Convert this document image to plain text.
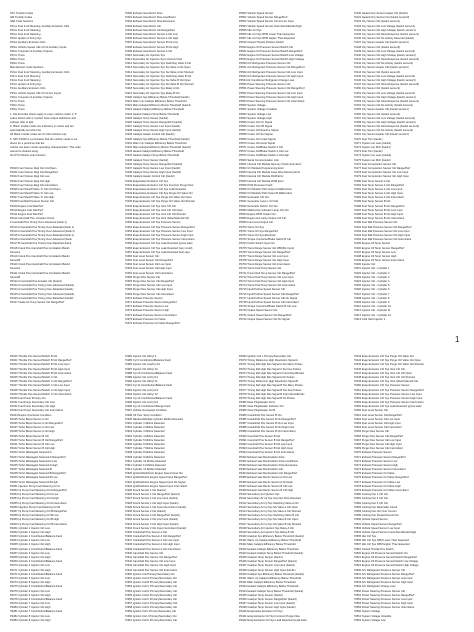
STC Trouble Codes
GM Trouble Codes
SAE Code Sections
P0xxx Fuel & Air Metering, Auxiliary Emission Ctrls
P01xx Fuel & Air Metering
P02xx Fuel & Air Metering
P03xx Ignition & Firing Sys
P04xx Auxiliary Emission Ctrls
P05xx Vehicle Speed, Idle Ctrl & Auxiliary Inputs
P06xx Computer & Auxiliary Outputs
P07xx Trans
P08xx Trans
P09xx Trans
Manufacturer Code Sections
P10xx Fuel & Air Metering, Auxiliary Emission Ctrls
P11xx Fuel & Air Metering
P12xx Fuel & Air Metering
P13xx Ignition & Firing Sys
P14xx Auxiliary Emission Ctrls
P15xx Vehicle Speed, Idle Ctrl & Aux Inputs
P16xx Computer & Auxiliary Outputs
P17xx Trans
P18xx Trans
P19xx Trans
1. Not all codes shown apply to every vehicle model. 2. P
codes shown with a 'symbol' have unique definitions and
indicate refer to lgth.
3. 'Bank' trouble codes are indicatory in nature and are
automatically set when the
All 'Bank' trouble codes are for GM vehicles only.
5. SPC P1000 is a procedure that the vehicle needs to be
driven for a period so that the
vehicle can learn certain operating characteristics. This code
cannot be cleared using
the DTC Monitor scan function.
P0100 Fuel Volume Regl Ckt Circ/Open
P0101 Fuel Volume Regl Ckt Range/Perf
P0102 Fuel Volume Regl Ckt Low
P0103 Fuel Volume Regl Ckt High
P0104 Fuel Volume Regl Ckt Intermittent
P0105 Fuel Shutoff Valve 'A' Ckt Circ/Open
P0106 Fuel Shutoff Valve 'A' Ckt Low
P0107 Fuel Shutoff Valve 'A' Ckt High
P0108 Fuel Rail Pressure Sensor Ckt
P0109 Engine Fuel Rail Perf
P0110 Engine Fuel Rail Perf
P0111 Engine Fuel Rail Perf
P0112 Camshaft Pos. Actuator Circuit
A Camshaft Pos Timing Over-Advanced (bank 1)
P0113 A Camshaft Pos Timing Over-Retarded (bank 1)
P0114 A Camshaft Pos Timing Over-Advanced (bank 2)
P0115 A Camshaft Pos Timing Over-Retarded (bank 2)
P0116 A Camshaft Pos Timing Over-Advanced (bank
P0117 B Camshaft Pos Timing Over-Retarded (bank
P0118 Crank Pos-Camshaft Pos Correlation Bank1
SensorA
P0119 Crank Pos-Camshaft Pos Correlation Bank1
SensorB
P0120 Crank Pos-Camshaft Pos Correlation Bank2
SensorA
P0121 Crank Pos-Camshaft Pos Correlation Bank2
SensorB
P0122 A Camshaft Pos Actuator Ckt (bank1)
P0123 A Camshaft Pos Timing Over-Advanced (bank1)
P0124 A Camshaft Pos Timing Over-Retarded (bank1)
P0125 A Camshaft Pos Timing Over-Advanced (bank2)
P0126 A Camshaft Pos Timing Over-Retarded (bank2)
P0127 Intake Air Temp Sensor Ckt Range/Perf
P0400 Exhaust Gas Recirc Flow
P0401 Exhaust Gas Recirc Flow Insufficient
P0402 Exhaust Gas Recirc Flow Excessive
P0403 Exhaust Gas Recirc Ckt
P0404 Exhaust Gas Recirc Ckt Range/Perf
P0405 Exhaust Gas Recirc Sensor A Ckt Low
P0406 Exhaust Gas Recirc Sensor A Ckt High
P0407 Exhaust Gas Recirc Sensor B Ckt Low
P0408 Exhaust Gas Recirc Sensor B Ckt High
P0409 Exhaust Gas Recirc Sensor A Ckt
P0410 Secondary Air Injection Sys
P0411 Secondary Air Injection Sys Incorrect Flow
P0412 Secondary Air Injection Sys Switching Valve A Ckt
P0413 Secondary Air Injection Sys Sw Valve A Ckt Open
P0414 Secondary Air Injection Sys Sw Valve A Ckt Shorted
P0415 Secondary Air Injection Sys Switching Valve B Ckt
P0416 Secondary Air Injection Sys Sw Valve B Ckt Open
P0417 Secondary Air Injection Sys Sw Valve B Ckt Shorted
P0418 Secondary Air Injection Sys Relay A Ckt
P0419 Secondary Air Injection Sys Relay B Ckt
P0420 Catalyst Sys Efficiency Below Threshold (bank1)
P0421 Warm Up Catalyst Efficiency Below Threshold
P0422 Main Catalyst Efficiency Below Threshold (bank1)
P0423 Heated Catalyst Efficiency Below Threshold
P0424 Heated Catalyst Temp Below Threshold
P0425 Catalyst Temp Sensor (bank1)
P0426 Catalyst Temp Sensor Range/Perf (bank1)
P0427 Catalyst Temp Sensor Low Input (bank1)
P0428 Catalyst Temp Sensor High Input (bank1)
P0429 Catalyst Heater Control Ckt (bank1)
P0430 Catalyst Sys Efficiency Below Threshold (bank2)
P0431 Warm Up Catalyst Efficiency Below Threshold
P0432 Main Catalyst Efficiency Below Threshold (bank2)
P0433 Heated Catalyst Efficiency Below Threshold
P0434 Heated Catalyst Temp Below Threshold
P0435 Catalyst Temp Sensor (bank2)
P0436 Catalyst Temp Sensor Range/Perf (bank2)
P0437 Catalyst Temp Sensor Low Input (bank2)
P0438 Catalyst Temp Sensor High Input (bank2)
P0439 Catalyst Heater Control Ckt (bank2)
P0440 Evaporative Emission Ctrl Sys
P0441 Evaporative Emission Ctrl Sys Incorrect Purge Flow
P0442 Evaporative Emission Ctrl Sys Leak Detected
P0443 Evaporative Emission Ctrl Sys Purge Ctrl Valve Ckt
P0444 Evap Emission Ctrl Sys Purge Ctrl Valve Ckt Open
P0445 Evap Emission Ctrl Sys Purge Ctrl Valve Ckt Shorted
P0446 Evap Emission Ctrl Sys Vent Ctrl Ckt
P0447 Evap Emission Ctrl Sys Vent Ctrl Ckt Open
P0448 Evap Emission Ctrl Sys Vent Ctrl Ckt Shorted
P0449 Evap Emission Ctrl Sys Vent Valve/Solenoid Ckt
P0450 Evap Emission Ctrl Sys Pressure Sensor
P0451 Evap Emission Ctrl Sys Pressure Sensor Range/Perf
P0452 Evap Emission Ctrl Sys Pressure Sensor Low Input
P0453 Evap Emission Ctrl Sys Pressure Sensor High Input
P0454 Evap Emission Ctrl Sys Pressure Sensor Intermittent
P0455 Evap Emission Ctrl Sys Leak Detected (gross leak)
P0456 Evap Emission Ctrl Sys Leak Detected (very small)
P0457 Evap Emission Ctrl Sys Leak Detected (fuel cap)
P0460 Fuel Level Sensor Ckt
P0461 Fuel Level Sensor Ckt Range/Perf
P0462 Fuel Level Sensor Ckt Low Input
P0463 Fuel Level Sensor Ckt High Input
P0464 Fuel Level Sensor Ckt Intermittent
P0465 Purge Flow Sensor Ckt
P0466 Purge Flow Sensor Ckt Range/Perf
P0467 Purge Flow Sensor Ckt Low Input
P0468 Purge Flow Sensor Ckt High Input
P0469 Purge Flow Sensor Ckt Intermittent
P0470 Exhaust Pressure Sensor
P0471 Exhaust Pressure Sensor Range/Perf
P0472 Exhaust Pressure Sensor Low
P0473 Exhaust Pressure Sensor High
P0474 Exhaust Pressure Sensor Intermittent
P0475 Exhaust Pressure Ctrl Valve
P0476 Exhaust Pressure Ctrl Valve Range/Perf
P0500 Vehicle Speed Sensor
P0501 Vehicle Speed Sensor Range/Perf
P0502 Vehicle Speed Sensor Circuit Low Input
P0503 Vehicle Speed Sensor Intermittent/Erratic/High
P0505 Idle Ctrl Sys
P0506 Idle Ctrl Sys RPM Lower Than Expected
P0507 Idle Ctrl Sys RPM Higher Than Expected
P0510 Closed Throttle Position Switch
P0520 Engine Oil Pressure Sensor/Switch Ckt
P0521 Engine Oil Pressure Sensor/Switch Range/Perf
P0522 Engine Oil Pressure Sensor/Switch Low Voltage
P0523 Engine Oil Pressure Sensor/Switch High Voltage
P0530 A/C Refrigerant Pressure Sensor Ckt
P0531 A/C Refrigerant Pressure Sensor Ckt Range/Perf
P0532 A/C Refrigerant Pressure Sensor Ckt Low Input
P0533 A/C Refrigerant Pressure Sensor Ckt High Input
P0534 Air Conditioner Refrigerant Charge Loss
P0550 Power Steering Pressure Sensor Ckt
P0551 Power Steering Pressure Sensor Ckt Range/Perf
P0552 Power Steering Pressure Sensor Ckt Low Input
P0553 Power Steering Pressure Sensor Ckt High Input
P0554 Power Steering Pressure Sensor Ckt Intermittent
P0560 System Voltage
P0561 System Voltage Unstable
P0562 System Voltage Low
P0563 System Voltage High
P0565 Cruise Ctrl On Signal
P0566 Cruise Ctrl Off Signal
P0567 Cruise Ctrl Resume Signal
P0568 Cruise Ctrl Set Signal
P0569 Cruise Ctrl Coast Signal
P0570 Cruise Ctrl Accel Signal
P0571 Cruise Ctrl/Brake Switch A Ckt
P0572 Cruise Ctrl/Brake Switch A Ckt Low
P0573 Cruise Ctrl/Brake Switch A Ckt High
P0600 Serial Communication Link
P0601 Internal Ctrl Module Memory Check Sum Error
P0602 Ctrl Module Programming Error
P0603 Internal Ctrl Module Keep Alive Memory Error
P0604 Internal Ctrl Module RAM Error
P0605 Internal Ctrl Module ROM Error
P0606 PCM Processor Fault
P0608 Ctrl Module VSS Output A Malfunction
P0609 Ctrl Module VSS Output B Malfunction
P0620 Generator Ctrl Ckt
P0621 Generator Lamp L Ctrl Ckt
P0622 Generator Field F Ctrl Ckt
P0650 Malfunction Indicator Lamp Ctrl Ckt
P0654 Engine RPM Output Ckt
P0655 Engine Hot Lamp Output Ctrl Ckt
P0656 Fuel Level Output Ckt
P0700 Trans Ctrl Sys
P0701 Trans Ctrl Sys Range/Perf
P0702 Trans Ctrl Sys Electrical
P0703 Torque Converter/Brake Switch B Ckt
P0704 Clutch Switch Input Ckt
P0705 Trans Range Sensor Ckt (PRNDL Input)
P0706 Trans Range Sensor Ckt Range/Perf
P0707 Trans Range Sensor Ckt Low Input
P0708 Trans Range Sensor Ckt High Input
P0709 Trans Range Sensor Ckt Intermittent
P0710 Trans Fluid Temp Sensor Ckt
P0711 Trans Fluid Temp Sensor Ckt Range/Perf
P0712 Trans Fluid Temp Sensor Ckt Low Input
P0713 Trans Fluid Temp Sensor Ckt High Input
P0714 Trans Fluid Temp Sensor Ckt Intermittent
P0715 Input/Turbine Speed Sensor Ckt
P0716 Input/Turbine Speed Sensor Ckt Range/Perf
P0717 Input/Turbine Speed Sensor Ckt No Signal
P0718 Input/Turbine Speed Sensor Ckt Intermittent
P0719 Torque Converter/Brake Switch B Ckt Low
P0720 Output Speed Sensor Ckt
P0721 Output Speed Sensor Ckt Range/Perf
P0722 Output Speed Sensor Ckt No Signal
P0130 Heated Oxy Sensor Heater Ckt (bank2)
P0131 Heated Oxy Sensor Ckt (bank2 sensor3)
P0132 Oxy Sensor Ckt (bank1 sensor1)
P0133 Oxy Sensor Ckt Low Voltage (bank1 sensor1)
P0134 Oxy Sensor Ckt High Voltage (bank1 sensor1)
P0135 Oxy Sensor Ckt Slow Response (bank1 sensor1)
P0136 Oxy Sensor Ckt No Activity Detected (bank1)
P0137 Oxy Sensor Heater Ckt (bank1 sensor1)
P0138 Oxy Sensor Ckt (bank1 sensor2)
P0139 Oxy Sensor Ckt Low Voltage (bank1 sensor2)
P0140 Oxy Sensor Ckt High Voltage (bank1 sensor2)
P0141 Oxy Sensor Ckt Slow Response (bank1 sensor2)
P0142 Oxy Sensor Ckt No Activity (bank1 sensor2)
P0143 Oxy Sensor Heater Ckt (bank1 sensor2)
P0144 Oxy Sensor Ckt (bank1 sensor3)
P0145 Oxy Sensor Ckt Low Voltage (bank1 sensor3)
P0146 Oxy Sensor Ckt High Voltage (bank1 sensor3)
P0147 Oxy Sensor Ckt Slow Response (bank1 sensor3)
P0150 Oxy Sensor Ckt (bank2 sensor1)
P0151 Oxy Sensor Ckt Low Voltage (bank2 sensor1)
P0152 Oxy Sensor Ckt High Voltage (bank2 sensor1)
P0153 Oxy Sensor Ckt Slow Response (bank2 sensor1)
P0154 Oxy Sensor Ckt No Activity (bank2 sensor1)
P0155 Oxy Sensor Heater Ckt (bank2 sensor1)
P0156 Oxy Sensor Ckt (bank2 sensor2)
P0157 Oxy Sensor Ckt Low Voltage (bank2 sensor2)
P0158 Oxy Sensor Ckt High Voltage (bank2 sensor2)
P0159 Oxy Sensor Ckt Slow Response (bank2 sensor2)
P0160 Oxy Sensor Ckt No Activity (bank2 sensor2)
P0161 Oxy Sensor Heater Ckt (bank2 sensor2)
P0170 Fuel Trim (bank1)
P0171 System too Lean (bank1)
P0172 System too Rich (bank1)
P0173 Fuel Trim (bank2)
P0174 System too Lean (bank2)
P0175 System too Rich (bank2)
P0176 Fuel Composition Sensor Ckt
P0177 Fuel Composition Sensor Ckt Range/Perf
P0178 Fuel Composition Sensor Ckt Low Input
P0179 Fuel Composition Sensor Ckt High Input
P0180 Fuel Temp Sensor A Ckt
P0181 Fuel Temp Sensor A Ckt Range/Perf
P0182 Fuel Temp Sensor A Ckt Low Input
P0183 Fuel Temp Sensor A Ckt High Input
P0184 Fuel Temp Sensor A Ckt Intermittent
P0185 Fuel Temp Sensor B Ckt
P0186 Fuel Temp Sensor B Ckt Range/Perf
P0187 Fuel Temp Sensor B Ckt Low Input
P0188 Fuel Temp Sensor B Ckt High Input
P0189 Fuel Temp Sensor B Ckt Intermittent
P0190 Fuel Rail Pressure Sensor Ckt
P0191 Fuel Rail Pressure Sensor Ckt Range/Perf
P0192 Fuel Rail Pressure Sensor Ckt Low Input
P0193 Fuel Rail Pressure Sensor Ckt High Input
P0194 Fuel Rail Pressure Sensor Ckt Intermittent
P0195 Engine Oil Temp Sensor
P0196 Engine Oil Temp Sensor Range/Perf
P0197 Engine Oil Temp Sensor Low
P0198 Engine Oil Temp Sensor High
P0199 Engine Oil Temp Sensor Intermittent
P0200 Injector Ckt
P0201 Injector Ckt - Cylinder 1
P0202 Injector Ckt - Cylinder 2
P0203 Injector Ckt - Cylinder 3
P0204 Injector Ckt - Cylinder 4
P0205 Injector Ckt - Cylinder 5
P0206 Injector Ckt - Cylinder 6
P0207 Injector Ckt - Cylinder 7
P0208 Injector Ckt - Cylinder 8
P0209 Injector Ckt - Cylinder 9
P0210 Injector Ckt - Cylinder 10
P0211 Injector Ckt - Cylinder 11
P0212 Injector Ckt - Cylinder 12
P0213 Cold Start Injector 1
1
P0220 Throttle Pos Sensor/Switch B Ckt
P0221 Throttle Pos Sensor/Switch B Ckt Range/Perf
P0222 Throttle Pos Sensor/Switch B Ckt Low Input
P0223 Throttle Pos Sensor/Switch B Ckt High Input
P0224 Throttle Pos Sensor/Switch B Ckt Intermittent
P0225 Throttle Pos Sensor/Switch C Ckt
P0226 Throttle Pos Sensor/Switch C Ckt Range/Perf
P0227 Throttle Pos Sensor/Switch C Ckt Low Input
P0228 Throttle Pos Sensor/Switch C Ckt High Input
P0229 Throttle Pos Sensor/Switch C Ckt Intermittent
P0230 Fuel Pump Primary Ckt
P0231 Fuel Pump Secondary Ckt Low
P0232 Fuel Pump Secondary Ckt High
P0233 Fuel Pump Secondary Ckt Intermittent
P0234 Engine Overboost Condition
P0235 Turbo Boost Sensor A Ckt
P0236 Turbo Boost Sensor A Ckt Range/Perf
P0237 Turbo Boost Sensor A Ckt Low
P0238 Turbo Boost Sensor A Ckt High
P0239 Turbo Boost Sensor B Ckt
P0240 Turbo Boost Sensor B Ckt Range/Perf
P0241 Turbo Boost Sensor B Ckt Low
P0242 Turbo Boost Sensor B Ckt High
P0243 Turbo Wastegate Solenoid A
P0244 Turbo Wastegate Solenoid A Range/Perf
P0245 Turbo Wastegate Solenoid A Low
P0246 Turbo Wastegate Solenoid A High
P0247 Turbo Wastegate Solenoid B
P0248 Turbo Wastegate Solenoid B Range/Perf
P0249 Turbo Wastegate Solenoid B Low
P0250 Turbo Wastegate Solenoid B High
P0251 Injection Pump Fuel Metering Ctrl A
P0252 Inj Pump Fuel Metering Ctrl A Range/Perf
P0253 Inj Pump Fuel Metering Ctrl A Low
P0254 Inj Pump Fuel Metering Ctrl A High
P0255 Inj Pump Fuel Metering Ctrl A Intermittent
P0256 Injection Pump Fuel Metering Ctrl B
P0257 Inj Pump Fuel Metering Ctrl B Range/Perf
P0258 Inj Pump Fuel Metering Ctrl B Low
P0259 Inj Pump Fuel Metering Ctrl B High
P0260 Inj Pump Fuel Metering Ctrl B Intermittent
P0261 Cylinder 1 Injector Ckt Low
P0262 Cylinder 1 Injector Ckt High
P0263 Cylinder 1 Contribution/Balance Fault
P0264 Cylinder 2 Injector Ckt Low
P0265 Cylinder 2 Injector Ckt High
P0266 Cylinder 2 Contribution/Balance Fault
P0267 Cylinder 3 Injector Ckt Low
P0268 Cylinder 3 Injector Ckt High
P0269 Cylinder 3 Contribution/Balance Fault
P0270 Cylinder 4 Injector Ckt Low
P0271 Cylinder 4 Injector Ckt High
P0272 Cylinder 4 Contribution/Balance Fault
P0273 Cylinder 5 Injector Ckt Low
P0274 Cylinder 5 Injector Ckt High
P0275 Cylinder 5 Contribution/Balance Fault
P0276 Cylinder 6 Injector Ckt Low
P0277 Cylinder 6 Injector Ckt High
P0278 Cylinder 6 Contribution/Balance Fault
P0279 Cylinder 7 Injector Ckt Low
P0280 Cylinder 7 Injector Ckt High
P0281 Cylinder 7 Contribution/Balance Fault
P0282 Cylinder 8 Injector Ckt Low
P0283 Cylinder 8 Injector Ckt High
P0284 Injector Ckt Hi/Cyl 9
P0285 Cyl 9 Contribution/Balance Fault
P0286 Injector Ckt Low/Cyl 10
P0287 Injector Ckt Hi/Cyl 10
P0288 Cyl 10 Contribution/Balance Fault
P0289 Injector Ckt Lo/Cyl 11
P0290 Injector Ckt Hi/Cyl 11
P0291 Cyl 11 Contribution/Balance Fault
P0292 Injector Ckt Lo/Cyl 12
P0293 Injector Ckt Hi/Cyl 12
P0294 Cyl 12 Contribution/Balance Fault
P0295 Injector Ckt Lo/Cyl 12
P0296 Cyl 12 Contribution/Range Fault
P0297 Vehicle Overspeed Condition
P0298 Oil Over Temp Condition
P0300 Random/Multiple Cylinder Misfire Detected
P0301 Cylinder 1 Misfire Detected
P0302 Cylinder 2 Misfire Detected
P0303 Cylinder 3 Misfire Detected
P0304 Cylinder 4 Misfire Detected
P0305 Cylinder 5 Misfire Detected
P0306 Cylinder 6 Misfire Detected
P0307 Cylinder 7 Misfire Detected
P0308 Cylinder 8 Misfire Detected
P0309 Cylinder 9 Misfire Detected
P0310 Cylinder 10 Misfire Detected
P0311 Cylinder 11 Misfire Detected
P0312 Cylinder 12 Misfire Detected
P0320 Ignition/Distributor Engine Speed Input Ckt
P0321 Ign/Distributor Engine Speed Input Range/Perf
P0322 Ign/Distributor Engine Speed Input No Signal
P0323 Ign/Distributor Engine Speed Input Intermittent
P0325 Knock Sensor 1 Ckt (bank1)
P0326 Knock Sensor 1 Ckt Range/Perf (bank1)
P0327 Knock Sensor 1 Ckt Low Input (bank1)
P0328 Knock Sensor 1 Ckt High Input (bank1)
P0329 Knock Sensor 1 Ckt Input Intermittent (bank1)
P0330 Knock Sensor 2 Ckt (bank2)
P0331 Knock Sensor 2 Ckt Range/Perf (bank2)
P0332 Knock Sensor 2 Ckt Low Input (bank2)
P0333 Knock Sensor 2 Ckt High Input (bank2)
P0334 Knock Sensor 2 Ckt Input Intermittent (bank2)
P0335 Crankshaft Pos Sensor A Ckt
P0336 Crankshaft Pos Sensor A Ckt Range/Perf
P0337 Crankshaft Pos Sensor A Ckt Low Input
P0338 Crankshaft Pos Sensor A Ckt High Input
P0339 Crankshaft Pos Sensor A Ckt Intermittent
P0340 Camshaft Pos Sensor Ckt
P0341 Camshaft Pos Sensor Ckt Range/Perf
P0342 Camshaft Pos Sensor Ckt Low Input
P0343 Camshaft Pos Sensor Ckt High Input
P0344 Camshaft Pos Sensor Ckt Intermittent
P0350 Ignition Coil Primary/Secondary Ckt
P0351 Ignition Coil A Primary/Secondary Ckt
P0352 Ignition Coil B Primary/Secondary Ckt
P0353 Ignition Coil C Primary/Secondary Ckt
P0354 Ignition Coil D Primary/Secondary Ckt
P0355 Ignition Coil E Primary/Secondary Ckt
P0356 Ignition Coil F Primary/Secondary Ckt
P0357 Ignition Coil G Primary/Secondary Ckt
P0358 Ignition Coil H Primary/Secondary Ckt
P0359 Ignition Coil I Primary/Secondary Ckt
P0360 Ignition Coil J Primary/Secondary Ckt
P0361 Ignition Coil K Primary/Secondary Ckt
P0362 Ignition Coil L Primary/Secondary Ckt
P0370 Timing Reference High Resolution Signal A
P0371 Timing Ref High Res Signal A Too Many Pulses
P0372 Timing Ref High Res Signal A Too Few Pulses
P0373 Timing Ref High Res Signal A Intermittent/Erratic
P0374 Timing Ref High Res Signal A No Pulses
P0375 Timing Reference High Resolution Signal B
P0376 Timing Ref High Res Signal B Too Many Pulses
P0377 Timing Ref High Res Signal B Too Few Pulses
P0378 Timing Ref High Res Signal B Intermittent/Erratic
P0379 Timing Ref High Res Signal B No Pulses
P0380 Glow Plug/Heater Ckt A
P0381 Glow Plug/Heater Indicator Ckt
P0382 Glow Plug/Heater Ckt B
P0385 Crankshaft Pos Sensor B Ckt
P0386 Crankshaft Pos Sensor B Ckt Range/Perf
P0387 Crankshaft Pos Sensor B Ckt Low Input
P0388 Crankshaft Pos Sensor B Ckt High Input
P0389 Crankshaft Pos Sensor B Ckt Intermittent
P0390 Camshaft Pos Sensor B Ckt
P0391 Camshaft Pos Sensor B Ckt Range/Perf
P0392 Camshaft Pos Sensor B Ckt Low Input
P0393 Camshaft Pos Sensor B Ckt High Input
P0394 Camshaft Pos Sensor B Ckt Intermittent
P0400 Exhaust Gas Recirculation Flow
P0401 Exhaust Gas Recirculation Flow Insufficient
P0402 Exhaust Gas Recirculation Flow Excessive
P0403 Exhaust Gas Recirculation Ckt
P0404 Exhaust Gas Recirculation Ckt Range/Perf
P0405 Exhaust Gas Recirc Sensor A Ckt Low
P0406 Exhaust Gas Recirc Sensor A Ckt High
P0407 Exhaust Gas Recirc Sensor B Ckt Low
P0408 Exhaust Gas Recirc Sensor B Ckt High
P0410 Secondary Air Injection Sys
P0411 Secondary Air Inj Sys Incorrect Flow Detected
P0412 Secondary Air Inj Sys Switching Valve A Ckt
P0413 Secondary Air Inj Sys Sw Valve A Ckt Open
P0414 Secondary Air Inj Sys Sw Valve A Ckt Shorted
P0415 Secondary Air Inj Sys Switching Valve B Ckt
P0416 Secondary Air Inj Sys Sw Valve B Ckt Open
P0417 Secondary Air Inj Sys Sw Valve B Ckt Shorted
P0418 Secondary Air Injection Sys Relay A Ckt
P0419 Secondary Air Injection Sys Relay B Ckt
P0420 Catalyst Sys Efficiency Below Threshold (bank1)
P0421 Warm Up Catalyst Efficiency Below Threshold
P0422 Main Catalyst Efficiency Below Threshold
P0423 Heated Catalyst Efficiency Below Threshold
P0424 Heated Catalyst Temp Below Threshold (bank1)
P0425 Catalyst Temp Sensor (bank1)
P0426 Catalyst Temp Sensor Range/Perf (bank1)
P0427 Catalyst Temp Sensor Low Input (bank1)
P0428 Catalyst Temp Sensor High Input (bank1)
P0430 Catalyst Sys Efficiency Below Threshold (bank2)
P0431 Warm Up Catalyst Efficiency Below Threshold
P0432 Main Catalyst Efficiency Below Threshold
P0433 Heated Catalyst Efficiency Below Threshold
P0434 Heated Catalyst Temp Below Threshold (bank2)
P0435 Catalyst Temp Sensor (bank2)
P0436 Catalyst Temp Sensor Range/Perf (bank2)
P0437 Catalyst Temp Sensor Low Input (bank2)
P0438 Catalyst Temp Sensor High Input (bank2)
P0440 Evaporative Emission Ctrl Sys
P0441 Evap Emission Ctrl Sys Incorrect Purge Flow
P0442 Evap Emission Ctrl Sys Leak Detected (small leak)
P0443 Evap Emission Ctrl Sys Purge Ctrl Valve Ckt
P0444 Evap Emission Ctrl Sys Purge Ctrl Valve Ckt Open
P0445 Evap Emission Ctrl Sys Purge Ctrl Valve Ckt Shorted
P0446 Evap Emission Ctrl Sys Vent Ctrl Ckt
P0447 Evap Emission Ctrl Sys Vent Ctrl Ckt Open
P0448 Evap Emission Ctrl Sys Vent Ctrl Ckt Shorted
P0449 Evap Emission Ctrl Sys Vent Valve/Solenoid Ckt
P0450 Evap Emission Ctrl Sys Pressure Sensor
P0451 Evap Emission Ctrl Sys Pressure Sensor Range/Perf
P0452 Evap Emission Ctrl Sys Pressure Sensor Low Input
P0453 Evap Emission Ctrl Sys Pressure Sensor High Input
P0454 Evap Emission Ctrl Sys Pressure Sensor Intermittent
P0455 Evap Emission Ctrl Sys Leak Detected (gross leak)
P0460 Fuel Level Sensor Ckt
P0461 Fuel Level Sensor Ckt Range/Perf
P0462 Fuel Level Sensor Ckt Low Input
P0463 Fuel Level Sensor Ckt High Input
P0464 Fuel Level Sensor Ckt Intermittent
P0465 Purge Flow Sensor Ckt
P0466 Purge Flow Sensor Ckt Range/Perf
P0467 Purge Flow Sensor Ckt Low Input
P0468 Purge Flow Sensor Ckt High Input
P0469 Purge Flow Sensor Ckt Intermittent
P0470 Exhaust Pressure Sensor
P0471 Exhaust Pressure Sensor Range/Perf
P0472 Exhaust Pressure Sensor Low
P0473 Exhaust Pressure Sensor High
P0474 Exhaust Pressure Sensor Intermittent
P0475 Exhaust Pressure Ctrl Valve
P0476 Exhaust Pressure Ctrl Valve Range/Perf
P0477 Exhaust Pressure Ctrl Valve Low
P0478 Exhaust Pressure Ctrl Valve High
P0479 Exhaust Pressure Ctrl Valve Intermittent
P0480 Cooling Fan 1 Ctrl Ckt
P0481 Cooling Fan 2 Ctrl Ckt
P0482 Cooling Fan 3 Ctrl Ckt
P0483 Cooling Fan Rationality Check
P0484 Cooling Fan Ckt Over Current
P0485 Cooling Fan Power/Ground Ckt
P0500 Vehicle Speed Sensor
P0501 Vehicle Speed Sensor Range/Perf
P0502 Vehicle Speed Sensor Low Input
P0503 Vehicle Speed Sensor Intermittent/Erratic/High
P0505 Idle Ctrl Sys
P0506 Idle Ctrl Sys RPM Lower Than Expected
P0507 Idle Ctrl Sys RPM Higher Than Expected
P0510 Closed Throttle Pos Switch
P0520 Engine Oil Pressure Sensor/Switch Ckt
P0521 Engine Oil Pressure Sensor/Switch Range/Perf
P0522 Engine Oil Pressure Sensor/Switch Low Voltage
P0523 Engine Oil Pressure Sensor/Switch High Voltage
P0530 A/C Refrigerant Pressure Sensor Ckt
P0531 A/C Refrigerant Pressure Sensor Range/Perf
P0532 A/C Refrigerant Pressure Sensor Low Input
P0533 A/C Refrigerant Pressure Sensor High Input
P0534 A/C Refrigerant Charge Loss
P0550 Power Steering Pressure Sensor Ckt
P0551 Power Steering Pressure Sensor Range/Perf
P0552 Power Steering Pressure Sensor Low Input
P0553 Power Steering Pressure Sensor High Input
P0554 Power Steering Pressure Sensor Intermittent
P0560 System Voltage
P0561 System Voltage Unstable
P0562 System Voltage Low
